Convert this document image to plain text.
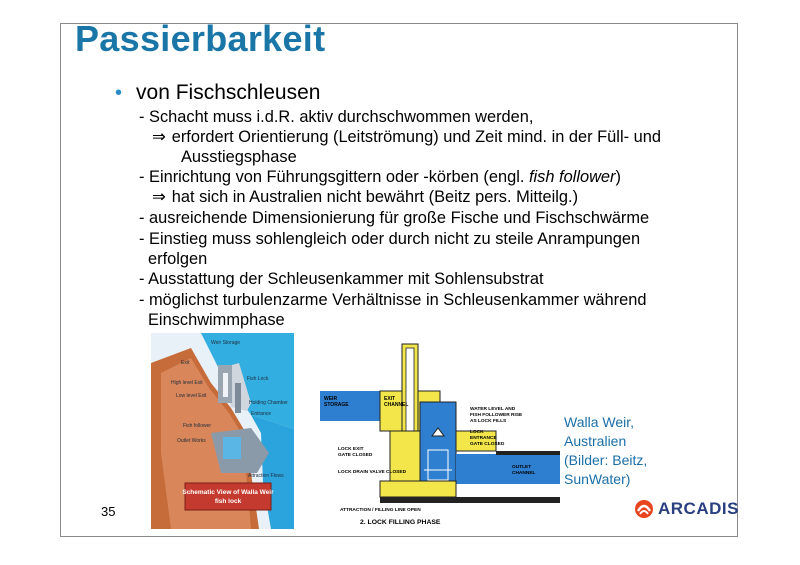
Passierbarkeit
• von Fischschleusen
- Schacht muss i.d.R. aktiv durchschwommen werden,
⇒ erfordert Orientierung (Leitströmung) und Zeit mind. in der Füll- und
Ausstiegsphase
- Einrichtung von Führungsgittern oder -körben (engl. fish follower)
⇒ hat sich in Australien nicht bewährt (Beitz pers. Mitteilg.)
- ausreichende Dimensionierung für große Fische und Fischschwärme
- Einstieg muss sohlengleich oder durch nicht zu steile Anrampungen
erfolgen
- Ausstattung der Schleusenkammer mit Sohlensubstrat
- möglichst turbulenzarme Verhältnisse in Schleusenkammer während
Einschwimmphase
Weir Storage
Exit
High level Exit
Low level Exit
Fish Lock
Holding Chamber
Entrance
Fish follower
Outlet Works
Attraction Flows
Schematic View of Walla Weir
fish lock
WEIR
STORAGE
EXIT
CHANNEL
WATER LEVEL AND
FISH FOLLOWER RISE
AS LOCK FILLS
LOCK
ENTRANCE
GATE CLOSED
LOCK EXIT
GATE CLOSED
LOCK DRAIN VALVE CLOSED
OUTLET
CHANNEL
ATTRACTION / FILLING LINE OPEN
2. LOCK FILLING PHASE
Walla Weir,
Australien
(Bilder: Beitz,
SunWater)
35	ARCADIS
